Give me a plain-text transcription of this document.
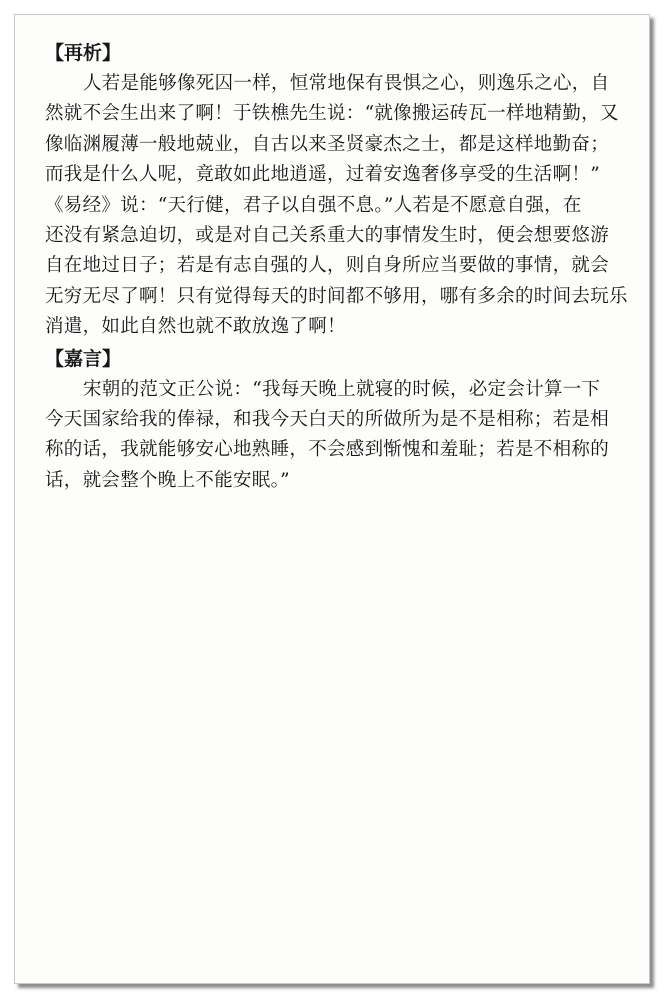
【再析】
人若是能够像死囚一样，恒常地保有畏惧之心，则逸乐之心，自
然就不会生出来了啊！于铁樵先生说：“就像搬运砖瓦一样地精勤，又
像临渊履薄一般地兢业，自古以来圣贤豪杰之士，都是这样地勤奋；
而我是什么人呢，竟敢如此地逍遥，过着安逸奢侈享受的生活啊！”
《易经》说：“天行健，君子以自强不息。”人若是不愿意自强，在
还没有紧急迫切，或是对自己关系重大的事情发生时，便会想要悠游
自在地过日子；若是有志自强的人，则自身所应当要做的事情，就会
无穷无尽了啊！只有觉得每天的时间都不够用，哪有多余的时间去玩乐
消遣，如此自然也就不敢放逸了啊！
【嘉言】
宋朝的范文正公说：“我每天晚上就寝的时候，必定会计算一下
今天国家给我的俸禄，和我今天白天的所做所为是不是相称；若是相
称的话，我就能够安心地熟睡，不会感到惭愧和羞耻；若是不相称的
话，就会整个晚上不能安眠。”
